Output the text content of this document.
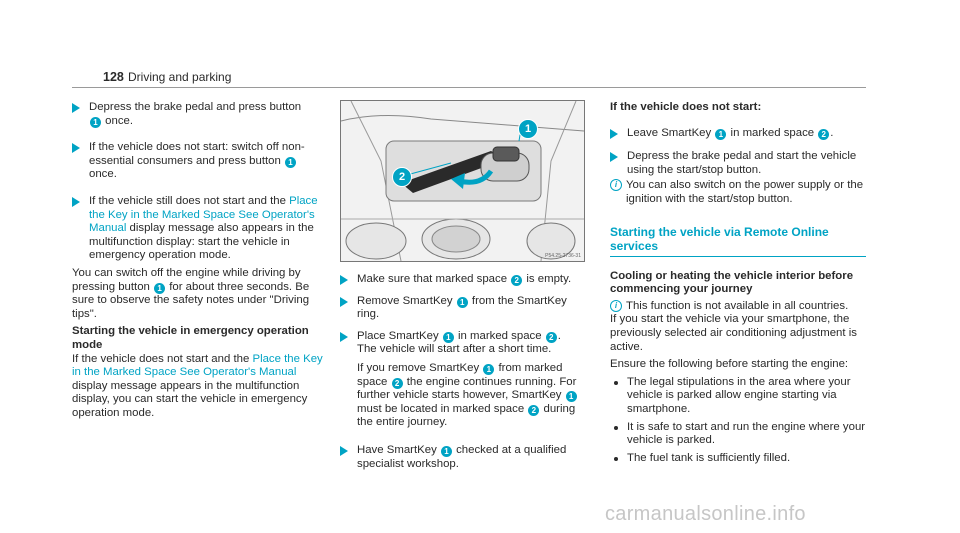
128 Driving and parking
Depress the brake pedal and press button
1 once.
If the vehicle does not start: switch off non-essential consumers and press button 1 once.
If the vehicle still does not start and the Place the Key in the Marked Space See Operator's Manual display message also appears in the multifunction display: start the vehicle in emergency operation mode.
You can switch off the engine while driving by pressing button 1 for about three seconds. Be sure to observe the safety notes under "Driving tips".
Starting the vehicle in emergency operation mode
If the vehicle does not start and the Place the Key in the Marked Space See Operator's Manual display message appears in the multifunction display, you can start the vehicle in emergency operation mode.
1
2
P54.25-2736-31
Make sure that marked space 2 is empty.
Remove SmartKey 1 from the SmartKey ring.
Place SmartKey 1 in marked space 2 .
The vehicle will start after a short time.
If you remove SmartKey 1 from marked space 2 the engine continues running. For further vehicle starts however, SmartKey 1 must be located in marked space 2 during the entire journey.
Have SmartKey 1 checked at a qualified specialist workshop.
If the vehicle does not start:
Leave SmartKey 1 in marked space 2 .
Depress the brake pedal and start the vehicle using the start/stop button.
i You can also switch on the power supply or the ignition with the start/stop button.
Starting the vehicle via Remote Online services
Cooling or heating the vehicle interior before commencing your journey
i This function is not available in all countries.
If you start the vehicle via your smartphone, the previously selected air conditioning adjustment is active.
Ensure the following before starting the engine:
The legal stipulations in the area where your vehicle is parked allow engine starting via smartphone.
It is safe to start and run the engine where your vehicle is parked.
The fuel tank is sufficiently filled.
carmanualsonline.info
